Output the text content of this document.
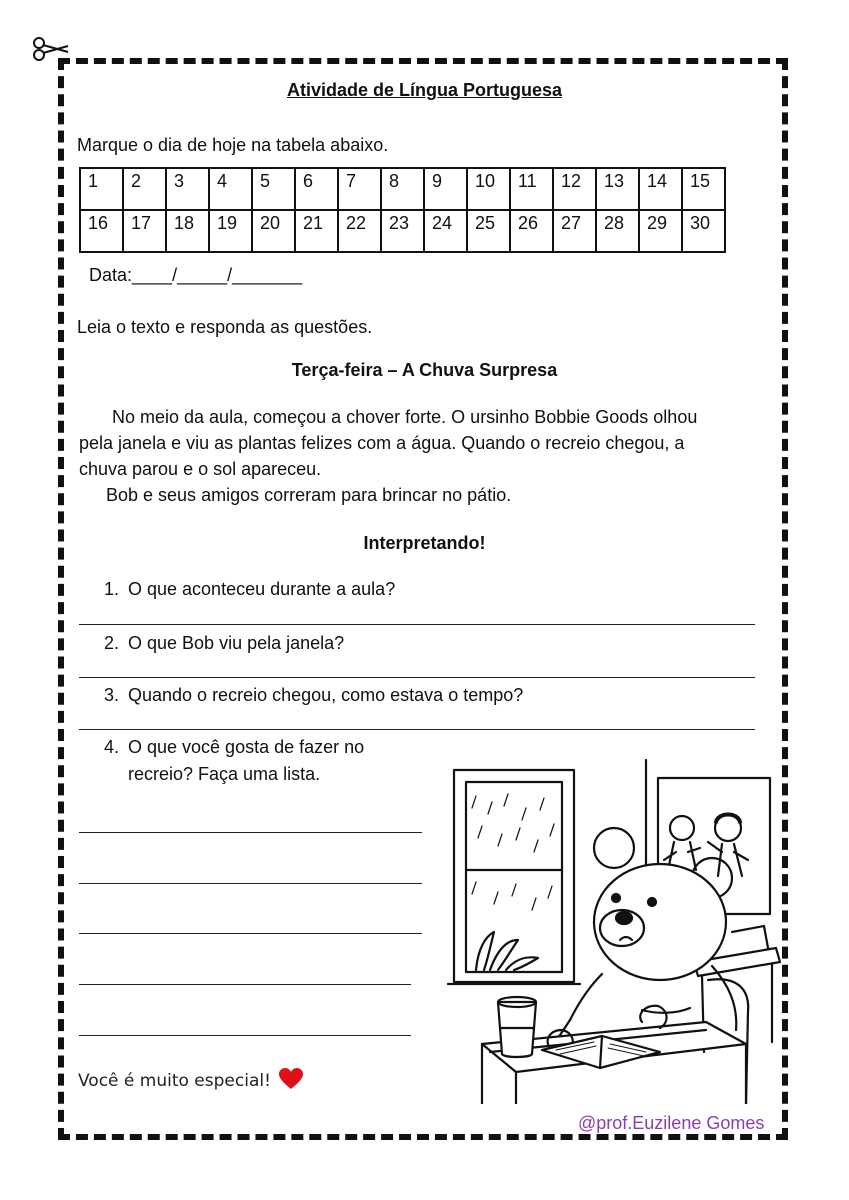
Atividade de Língua Portuguesa
Marque o dia de hoje na tabela abaixo.
1	2	3	4	5	6	7	8	9	10	11	12	13	14	15
16	17	18	19	20	21	22	23	24	25	26	27	28	29	30
Data:____/_____/_______
Leia o texto e responda as questões.
Terça-feira – A Chuva Surpresa
No meio da aula, começou a chover forte. O ursinho Bobbie Goods olhou
pela janela e viu as plantas felizes com a água. Quando o recreio chegou, a
chuva parou e o sol apareceu.
Bob e seus amigos correram para brincar no pátio.
Interpretando!
1. O que aconteceu durante a aula?
2. O que Bob viu pela janela?
3. Quando o recreio chegou, como estava o tempo?
4. O que você gosta de fazer no
recreio? Faça uma lista.
Você é muito especial!
@prof.Euzilene Gomes
